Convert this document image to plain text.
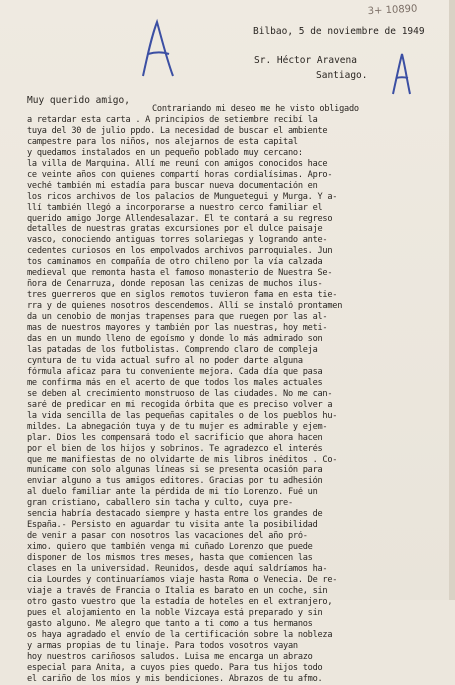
3+ 10890
Bilbao, 5 de noviembre de 1949
Sr. Héctor Aravena
Santiago.
Muy querido amigo,
Contrariando mi deseo me he visto obligado
a retardar esta carta . A principios de setiembre recibí la
tuya del 30 de julio ppdo. La necesidad de buscar el ambiente
campestre para los niños, nos alejarnos de esta capital
y quedamos instalados en un pequeño poblado muy cercano:
la villa de Marquina. Allí me reuní con amigos conocidos hace
ce veinte años con quienes compartí horas cordialísimas. Apro-
veché también mi estadía para buscar nueva documentación en
los ricos archivos de los palacios de Munguetegui y Murga. Y a-
llí también llegó a incorporarse a nuestro cerco familiar el
querido amigo Jorge Allendesalazar. El te contará a su regreso
detalles de nuestras gratas excursiones por el dulce paisaje
vasco, conociendo antiguas torres solariegas y logrando ante-
cedentes curiosos en los empolvados archivos parroquiales. Jun
tos caminamos en compañía de otro chileno por la vía calzada
medieval que remonta hasta el famoso monasterio de Nuestra Se-
ñora de Cenarruza, donde reposan las cenizas de muchos ilus-
tres guerreros que en siglos remotos tuvieron fama en esta tie-
rra y de quienes nosotros descendemos. Allí se instaló prontamen
da un cenobio de monjas trapenses para que ruegen por las al-
mas de nuestros mayores y también por las nuestras, hoy meti-
das en un mundo lleno de egoísmo y donde lo más admirado son
las patadas de los futbolistas. Comprendo claro de compleja
cyntura de tu vida actual sufro al no poder darte alguna
fórmula aficaz para tu conveniente mejora. Cada día que pasa
me confirma más en el acerto de que todos los males actuales
se deben al crecimiento monstruoso de las ciudades. No me can-
saré de predicar en mi recogida órbita que es preciso volver a
la vida sencilla de las pequeñas capitales o de los pueblos hu-
mildes. La abnegación tuya y de tu mujer es admirable y ejem-
plar. Dios les compensará todo el sacrificio que ahora hacen
por el bien de los hijos y sobrinos. Te agradezco el interés
que me manifiestas de no olvidarte de mis libros inéditos . Co-
munícame con solo algunas líneas si se presenta ocasión para
enviar alguno a tus amigos editores. Gracias por tu adhesión
al duelo familiar ante la pérdida de mi tío Lorenzo. Fué un
gran cristiano, caballero sin tacha y culto, cuya pre-
sencia habría destacado siempre y hasta entre los grandes de
España.- Persisto en aguardar tu visita ante la posibilidad
de venir a pasar con nosotros las vacaciones del año pró-
ximo. quiero que también venga mi cuñado Lorenzo que puede
disponer de los mismos tres meses, hasta que comiencen las
clases en la universidad. Reunidos, desde aquí saldríamos ha-
cia Lourdes y continuaríamos viaje hasta Roma o Venecia. De re-
viaje a través de Francia o Italia es barato en un coche, sin
otro gasto vuestro que la estadía de hoteles en el extranjero,
pues el alojamiento en la noble Vizcaya está preparado y sin
gasto alguno. Me alegro que tanto a ti como a tus hermanos
os haya agradado el envío de la certificación sobre la nobleza
y armas propias de tu linaje. Para todos vosotros vayan
hoy nuestros cariñosos saludos. Luisa me encarga un abrazo
especial para Anita, a cuyos pies quedo. Para tus hijos todo
el cariño de los míos y mis bendiciones. Abrazos de tu afmo.
